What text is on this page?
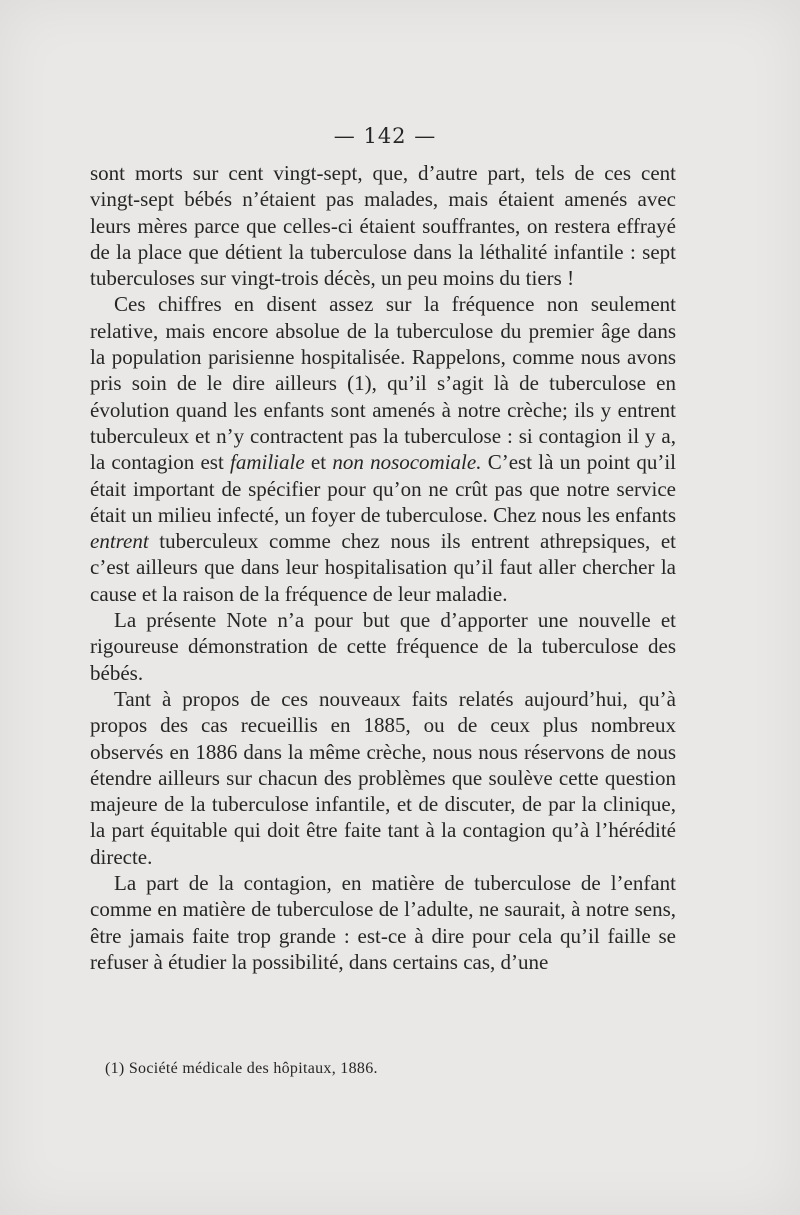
— 142 —

sont morts sur cent vingt-sept, que, d’autre part, tels de ces cent vingt-sept bébés n’étaient pas malades, mais étaient amenés avec leurs mères parce que celles-ci étaient souffrantes, on restera effrayé de la place que détient la tuberculose dans la léthalité infantile : sept tuberculoses sur vingt-trois décès, un peu moins du tiers !

Ces chiffres en disent assez sur la fréquence non seulement relative, mais encore absolue de la tuberculose du premier âge dans la population parisienne hospitalisée. Rappelons, comme nous avons pris soin de le dire ailleurs (1), qu’il s’agit là de tuberculose en évolution quand les enfants sont amenés à notre crèche; ils y entrent tuberculeux et n’y contractent pas la tuberculose : si contagion il y a, la contagion est familiale et non nosocomiale. C’est là un point qu’il était important de spécifier pour qu’on ne crût pas que notre service était un milieu infecté, un foyer de tuberculose. Chez nous les enfants entrent tuberculeux comme chez nous ils entrent athrepsiques, et c’est ailleurs que dans leur hospitalisation qu’il faut aller chercher la cause et la raison de la fréquence de leur maladie.

La présente Note n’a pour but que d’apporter une nouvelle et rigoureuse démonstration de cette fréquence de la tuberculose des bébés.

Tant à propos de ces nouveaux faits relatés aujourd’hui, qu’à propos des cas recueillis en 1885, ou de ceux plus nombreux observés en 1886 dans la même crèche, nous nous réservons de nous étendre ailleurs sur chacun des problèmes que soulève cette question majeure de la tuberculose infantile, et de discuter, de par la clinique, la part équitable qui doit être faite tant à la contagion qu’à l’hérédité directe.

La part de la contagion, en matière de tuberculose de l’enfant comme en matière de tuberculose de l’adulte, ne saurait, à notre sens, être jamais faite trop grande : est-ce à dire pour cela qu’il faille se refuser à étudier la possibilité, dans certains cas, d’une

(1) Société médicale des hôpitaux, 1886.
